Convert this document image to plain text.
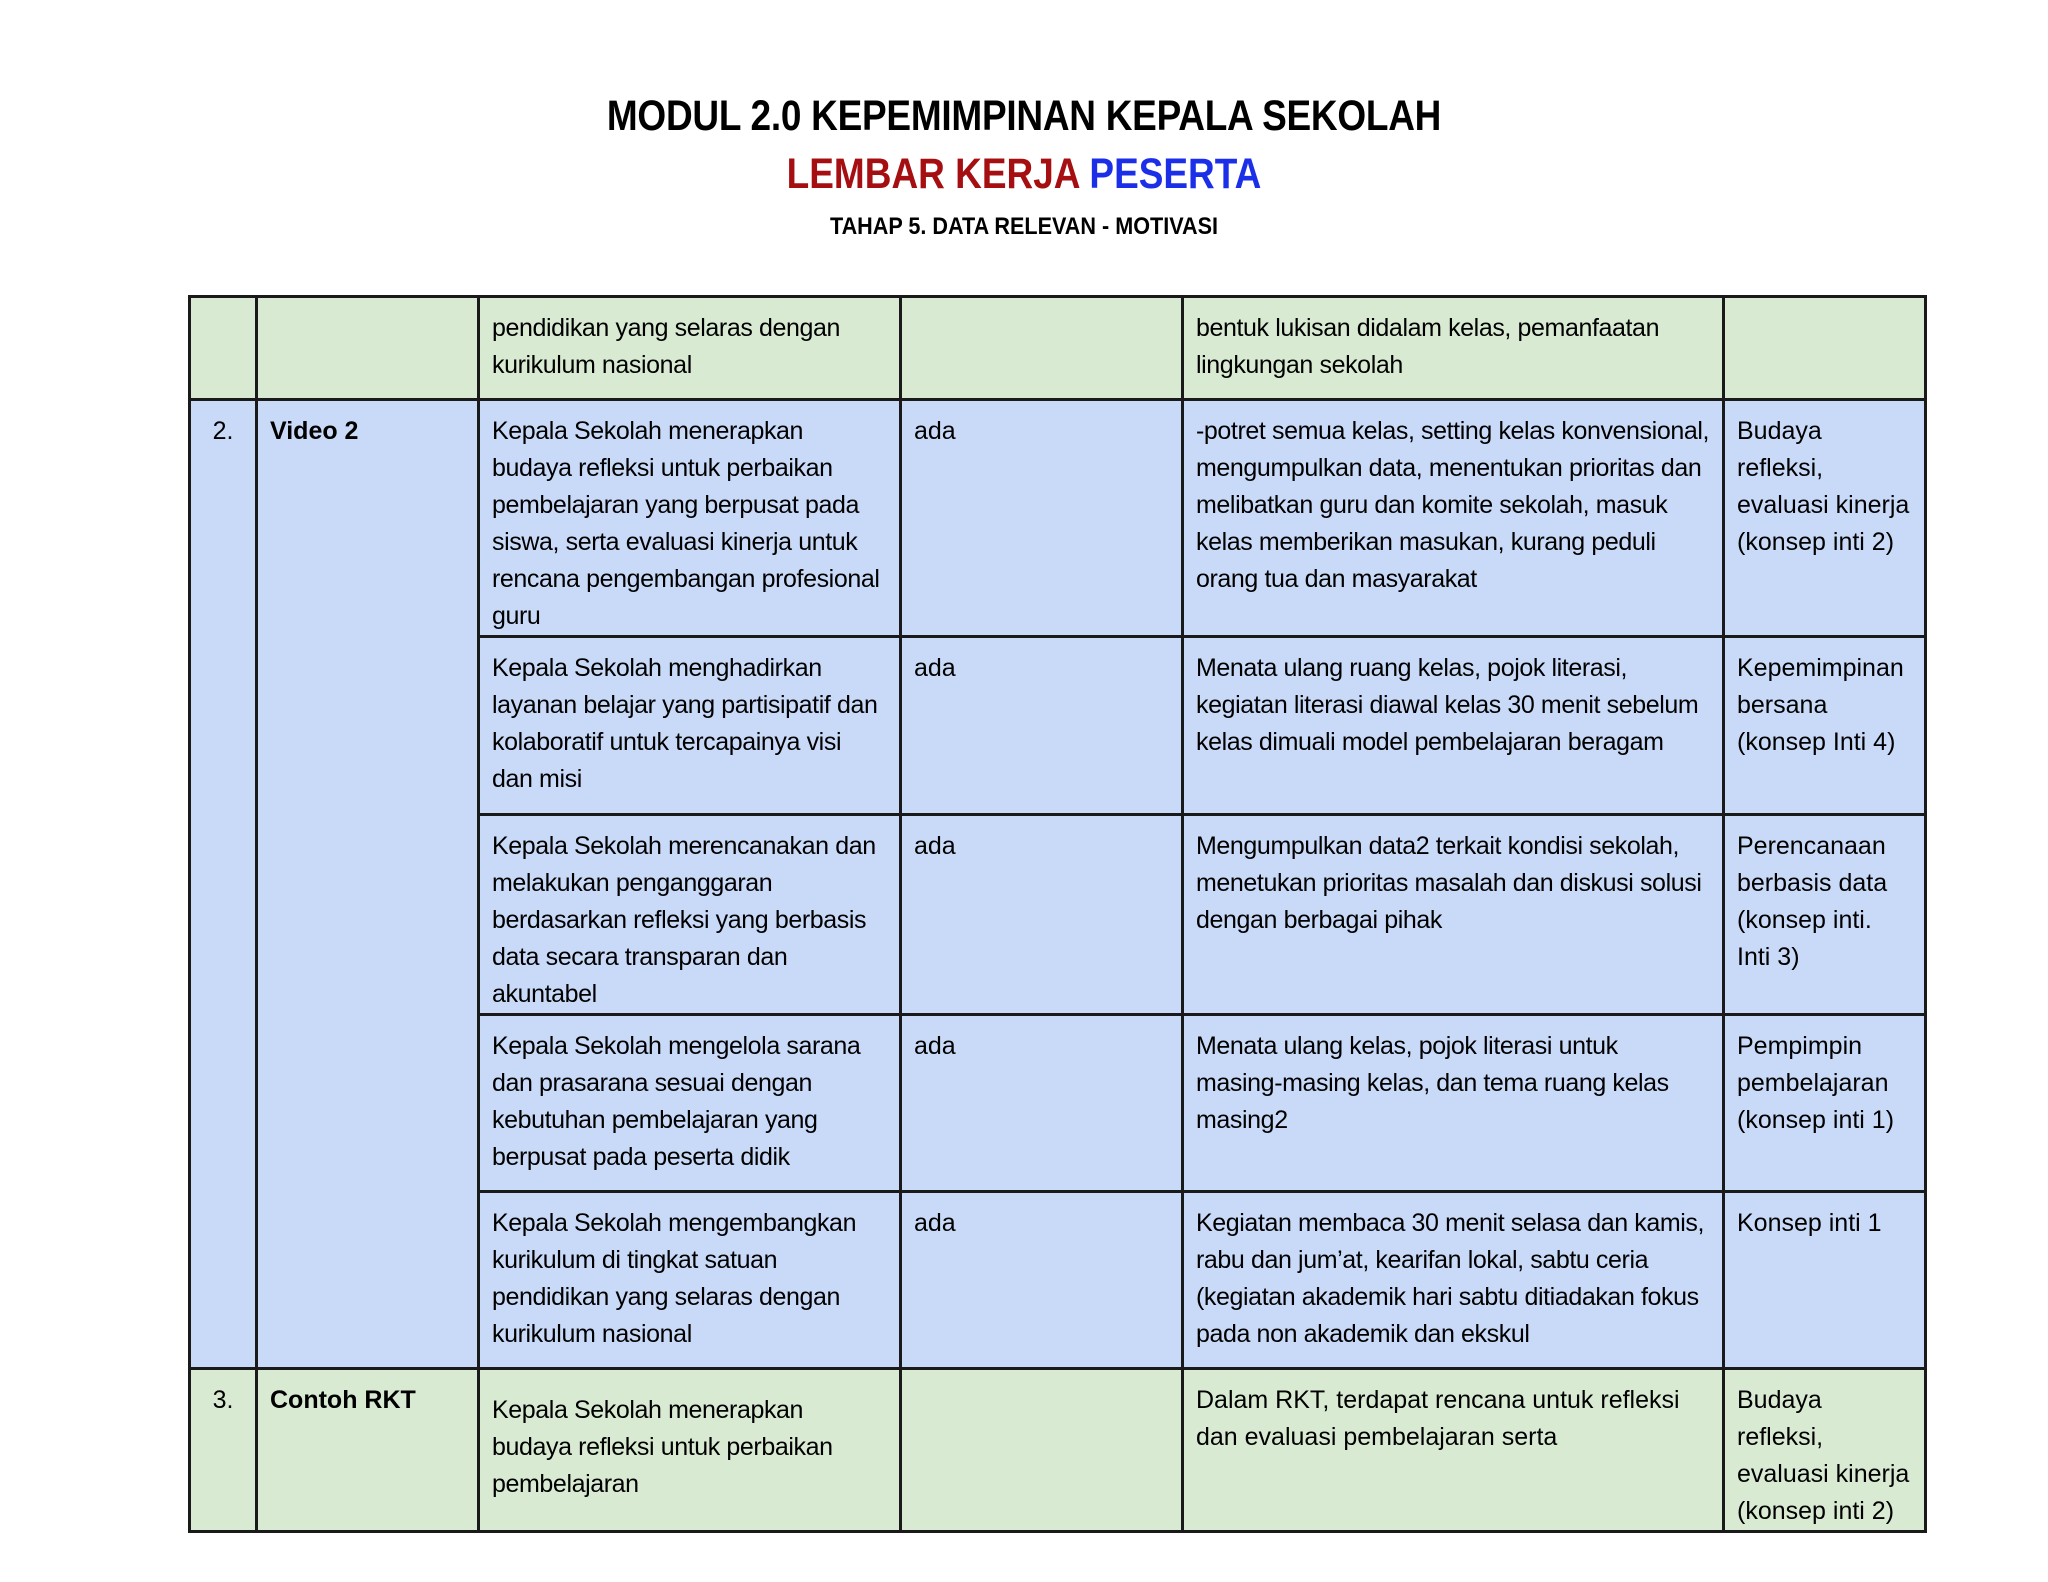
MODUL 2.0 KEPEMIMPINAN KEPALA SEKOLAH
LEMBAR KERJA PESERTA
TAHAP 5. DATA RELEVAN - MOTIVASI
		pendidikan yang selaras dengan kurikulum nasional		bentuk lukisan didalam kelas, pemanfaatan lingkungan sekolah	
2.	Video 2	Kepala Sekolah menerapkan budaya refleksi untuk perbaikan pembelajaran yang berpusat pada siswa, serta evaluasi kinerja untuk rencana pengembangan profesional guru	ada	-potret semua kelas, setting kelas konvensional, mengumpulkan data, menentukan prioritas dan melibatkan guru dan komite sekolah, masuk kelas memberikan masukan, kurang peduli orang tua dan masyarakat	Budaya refleksi, evaluasi kinerja (konsep inti 2)
		Kepala Sekolah menghadirkan layanan belajar yang partisipatif dan kolaboratif untuk tercapainya visi dan misi	ada	Menata ulang ruang kelas, pojok literasi, kegiatan literasi diawal kelas 30 menit sebelum kelas dimuali model pembelajaran beragam	Kepemimpinan bersana (konsep Inti 4)
		Kepala Sekolah merencanakan dan melakukan penganggaran berdasarkan refleksi yang berbasis data secara transparan dan akuntabel	ada	Mengumpulkan data2 terkait kondisi sekolah, menetukan prioritas masalah dan diskusi solusi dengan berbagai pihak	Perencanaan berbasis data (konsep inti. Inti 3)
		Kepala Sekolah mengelola sarana dan prasarana sesuai dengan kebutuhan pembelajaran yang berpusat pada peserta didik	ada	Menata ulang kelas, pojok literasi untuk masing-masing kelas, dan tema ruang kelas masing2	Pempimpin pembelajaran (konsep inti 1)
		Kepala Sekolah mengembangkan kurikulum di tingkat satuan pendidikan yang selaras dengan kurikulum nasional	ada	Kegiatan membaca 30 menit selasa dan kamis, rabu dan jum’at, kearifan lokal, sabtu ceria (kegiatan akademik hari sabtu ditiadakan fokus pada non akademik dan ekskul	Konsep inti 1
3.	Contoh RKT	Kepala Sekolah menerapkan budaya refleksi untuk perbaikan pembelajaran		Dalam RKT, terdapat rencana untuk refleksi dan evaluasi pembelajaran serta	Budaya refleksi, evaluasi kinerja (konsep inti 2)
